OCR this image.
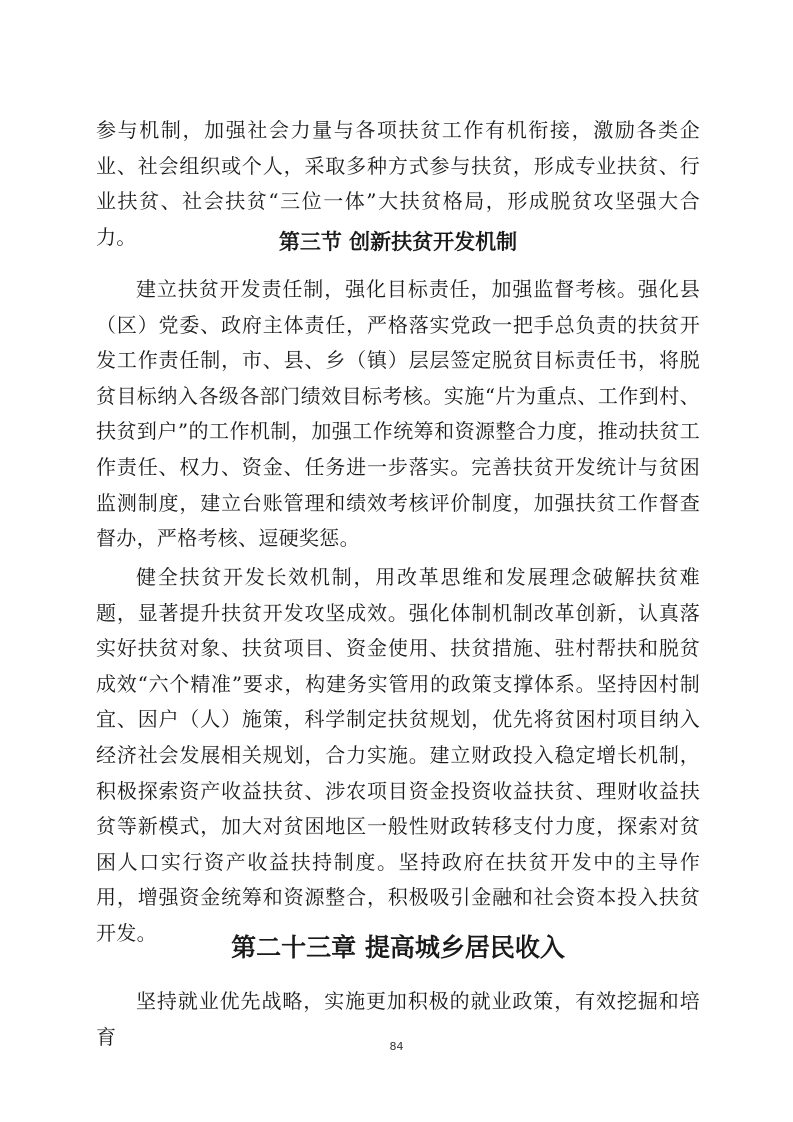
参与机制，加强社会力量与各项扶贫工作有机衔接，激励各类企业、社会组织或个人，采取多种方式参与扶贫，形成专业扶贫、行业扶贫、社会扶贫“三位一体”大扶贫格局，形成脱贫攻坚强大合力。	第三节 创新扶贫开发机制

建立扶贫开发责任制，强化目标责任，加强监督考核。强化县（区）党委、政府主体责任，严格落实党政一把手总负责的扶贫开发工作责任制，市、县、乡（镇）层层签定脱贫目标责任书，将脱贫目标纳入各级各部门绩效目标考核。实施“片为重点、工作到村、扶贫到户”的工作机制，加强工作统筹和资源整合力度，推动扶贫工作责任、权力、资金、任务进一步落实。完善扶贫开发统计与贫困监测制度，建立台账管理和绩效考核评价制度，加强扶贫工作督查督办，严格考核、逗硬奖惩。

健全扶贫开发长效机制，用改革思维和发展理念破解扶贫难题，显著提升扶贫开发攻坚成效。强化体制机制改革创新，认真落实好扶贫对象、扶贫项目、资金使用、扶贫措施、驻村帮扶和脱贫成效“六个精准”要求，构建务实管用的政策支撑体系。坚持因村制宜、因户（人）施策，科学制定扶贫规划，优先将贫困村项目纳入经济社会发展相关规划，合力实施。建立财政投入稳定增长机制，积极探索资产收益扶贫、涉农项目资金投资收益扶贫、理财收益扶贫等新模式，加大对贫困地区一般性财政转移支付力度，探索对贫困人口实行资产收益扶持制度。坚持政府在扶贫开发中的主导作用，增强资金统筹和资源整合，积极吸引金融和社会资本投入扶贫开发。

第二十三章 提高城乡居民收入

坚持就业优先战略，实施更加积极的就业政策，有效挖掘和培育	84
